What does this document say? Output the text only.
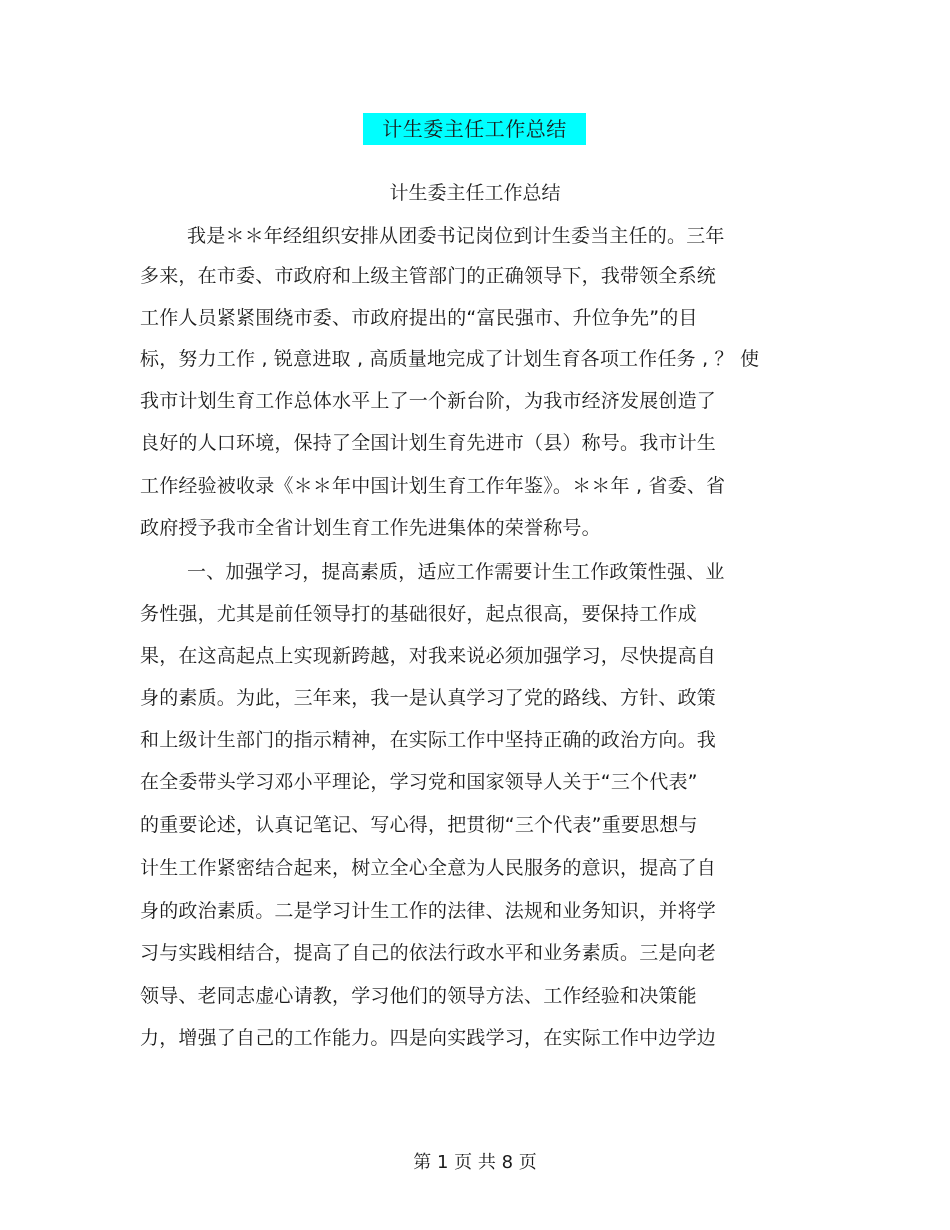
计生委主任工作总结
计生委主任工作总结
我是＊＊年经组织安排从团委书记岗位到计生委当主任的。三年
多来，在市委、市政府和上级主管部门的正确领导下，我带领全系统
工作人员紧紧围绕市委、市政府提出的“富民强市、升位争先”的目
标，努力工作 , 锐意进取 , 高质量地完成了计划生育各项工作任务 , ？ 使
我市计划生育工作总体水平上了一个新台阶，为我市经济发展创造了
良好的人口环境，保持了全国计划生育先进市（县）称号。我市计生
工作经验被收录《＊＊年中国计划生育工作年鉴》。＊＊年 , 省委、省
政府授予我市全省计划生育工作先进集体的荣誉称号。
一、加强学习，提高素质，适应工作需要计生工作政策性强、业
务性强，尤其是前任领导打的基础很好，起点很高，要保持工作成
果，在这高起点上实现新跨越，对我来说必须加强学习，尽快提高自
身的素质。为此，三年来，我一是认真学习了党的路线、方针、政策
和上级计生部门的指示精神，在实际工作中坚持正确的政治方向。我
在全委带头学习邓小平理论，学习党和国家领导人关于“三个代表”
的重要论述，认真记笔记、写心得，把贯彻“三个代表”重要思想与
计生工作紧密结合起来，树立全心全意为人民服务的意识，提高了自
身的政治素质。二是学习计生工作的法律、法规和业务知识，并将学
习与实践相结合，提高了自己的依法行政水平和业务素质。三是向老
领导、老同志虚心请教，学习他们的领导方法、工作经验和决策能
力，增强了自己的工作能力。四是向实践学习，在实际工作中边学边
第 1 页 共 8 页
